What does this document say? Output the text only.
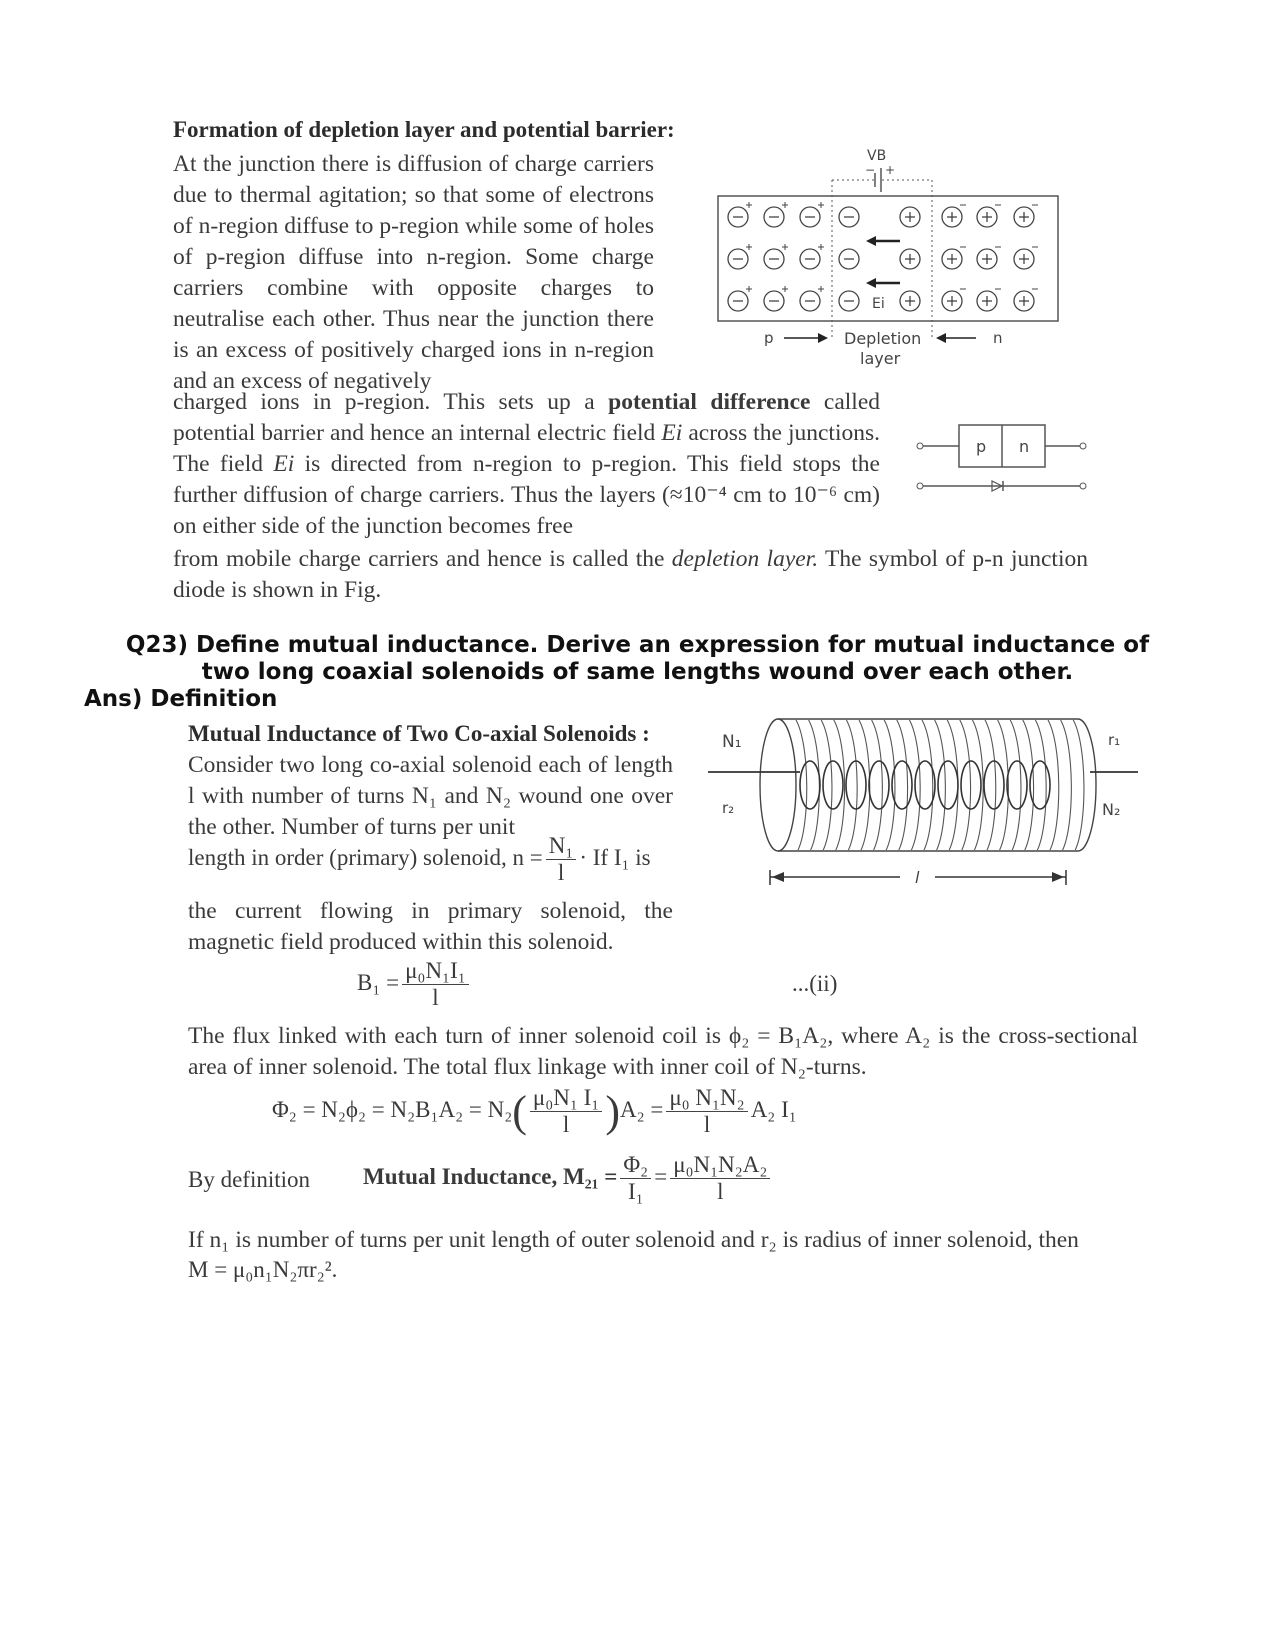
Formation of depletion layer and potential barrier:

At the junction there is diffusion of charge carriers due to thermal agitation; so that some of electrons of n-region diffuse to p-region while some of holes of p-region diffuse into n-region. Some charge carriers combine with opposite charges to neutralise each other. Thus near the junction there is an excess of positively charged ions in n-region and an excess of negatively

charged ions in p-region. This sets up a potential difference called potential barrier and hence an internal electric field Ei across the junctions. The field Ei is directed from n-region to p-region. This field stops the further diffusion of charge carriers. Thus the layers (≈10⁻⁴ cm to 10⁻⁶ cm) on either side of the junction becomes free

from mobile charge carriers and hence is called the depletion layer. The symbol of p-n junction diode is shown in Fig.

VB
− +
Ei
p	Depletion
layer
n
p n
Q23) Define mutual inductance. Derive an expression for mutual inductance of
two long coaxial solenoids of same lengths wound over each other.
Ans) Definition
Mutual Inductance of Two Co-axial Solenoids :

Consider two long co-axial solenoid each of length l with number of turns N₁ and N₂ wound one over the other. Number of turns per unit

length in order (primary) solenoid, $n = \frac{\text{N₁}}{l} \cdot If$ I₁ is

the current flowing in primary solenoid, the magnetic field produced within this solenoid.

$B_1 = \frac{\text{μ₀N₁I₁}}{l}$	...(ii)

The flux linked with each turn of inner solenoid coil is ϕ₂ = B₁A₂, where A₂ is the cross-sectional area of inner solenoid. The total flux linkage with inner coil of N₂-turns.

$\Phi_2 = N_2\phi_2 = N_2B_1A_2 = N_2( \frac{\text{μ₀N₁ I₁}}{l} )A_2 = \frac{\text{μ₀ N₁N₂}}{l} A_2$ I₁
By definition Mutual Inductance, $M_{21} = \frac{\text{Φ₂}}{\text{I₁}} = \frac{\text{μ₀N₁N₂A₂}}{l}$

If n₁ is number of turns per unit length of outer solenoid and r₂ is radius of inner solenoid, then

M = μ₀n₁N₂πr₂².
N₁	r₁
r₂	N₂
l
